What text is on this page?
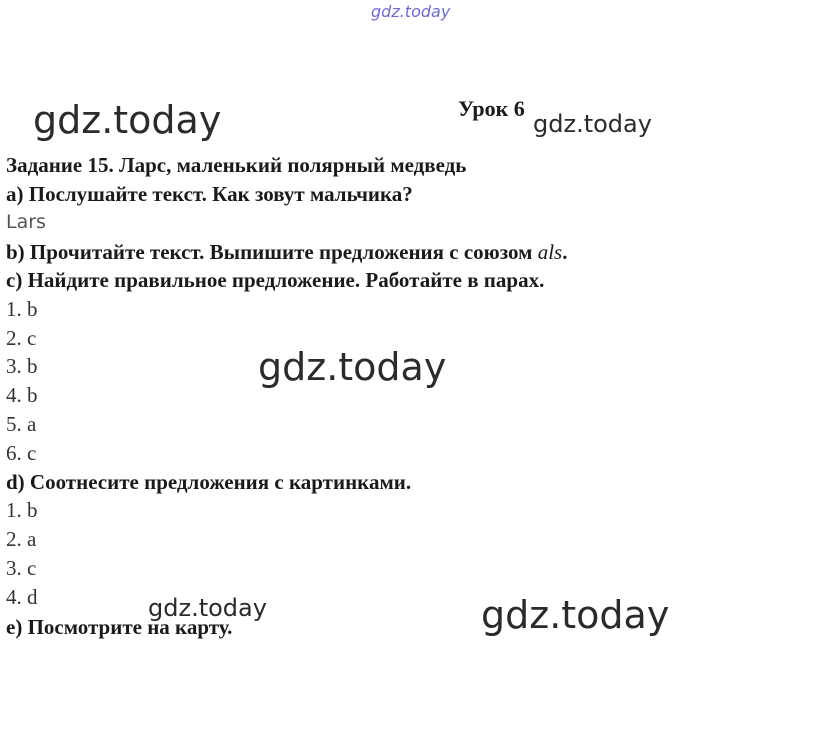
gdz.today
gdz.today	gdz.today
gdz.today
gdz.today	gdz.today
Урок 6
Задание 15. Ларс, маленький полярный медведь
a) Послушайте текст. Как зовут мальчика?
Lars
b) Прочитайте текст. Выпишите предложения с союзом als.
c) Найдите правильное предложение. Работайте в парах.
1. b
2. c
3. b
4. b
5. a
6. c
d) Соотнесите предложения с картинками.
1. b
2. a
3. c
4. d
e) Посмотрите на карту.
